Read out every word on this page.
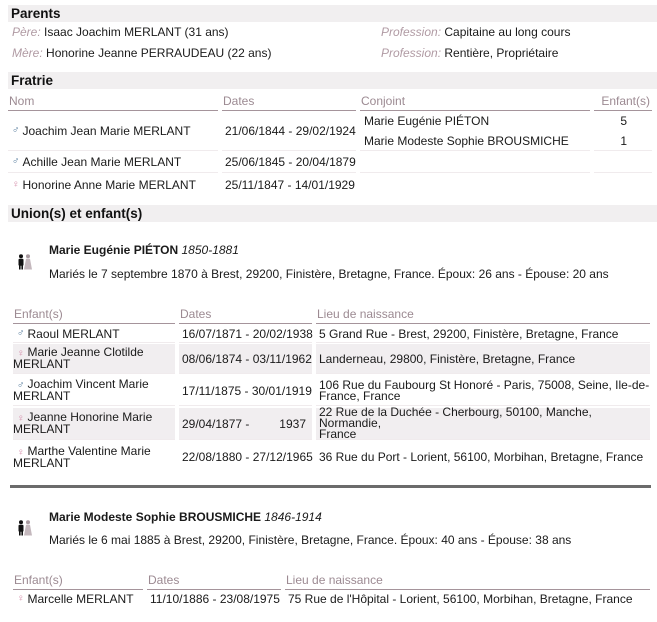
Parents
Père: Isaac Joachim MERLANT (31 ans)	Profession: Capitaine au long cours
Mère: Honorine Jeanne PERRAUDEAU (22 ans)	Profession: Rentière, Propriétaire
Fratrie
Nom	Dates	Conjoint	Enfant(s)
♂ Joachim Jean Marie MERLANT	21/06/1844 - 29/02/1924
Marie Eugénie PIÉTON	5
Marie Modeste Sophie BROUSMICHE	1
♂ Achille Jean Marie MERLANT	25/06/1845 - 20/04/1879
♀ Honorine Anne Marie MERLANT 25/11/1847 - 14/01/1929
Union(s) et enfant(s)
Marie Eugénie PIÉTON 1850-1881
Mariés le 7 septembre 1870 à Brest, 29200, Finistère, Bretagne, France. Époux: 26 ans - Épouse: 20 ans
Enfant(s)	Dates	Lieu de naissance
♂ Raoul MERLANT	16/07/1871 - 20/02/1938 5 Grand Rue - Brest, 29200, Finistère, Bretagne, France
♀ Marie Jeanne Clotilde
MERLANT	08/06/1874 - 03/11/1962 Landerneau, 29800, Finistère, Bretagne, France
♂ Joachim Vincent Marie
MERLANT	17/11/1875 - 30/01/1919 106 Rue du Faubourg St Honoré - Paris, 75008, Seine, Ile-de-
France, France
♀ Jeanne Honorine Marie
MERLANT	29/04/1877 - 1937
22 Rue de la Duchée - Cherbourg, 50100, Manche, Normandie,
France
♀ Marthe Valentine Marie
MERLANT	22/08/1880 - 27/12/1965 36 Rue du Port - Lorient, 56100, Morbihan, Bretagne, France
Marie Modeste Sophie BROUSMICHE 1846-1914
Mariés le 6 mai 1885 à Brest, 29200, Finistère, Bretagne, France. Époux: 40 ans - Épouse: 38 ans
Enfant(s)	Dates	Lieu de naissance
♀ Marcelle MERLANT 11/10/1886 - 23/08/1975 75 Rue de l'Hôpital - Lorient, 56100, Morbihan, Bretagne, France
